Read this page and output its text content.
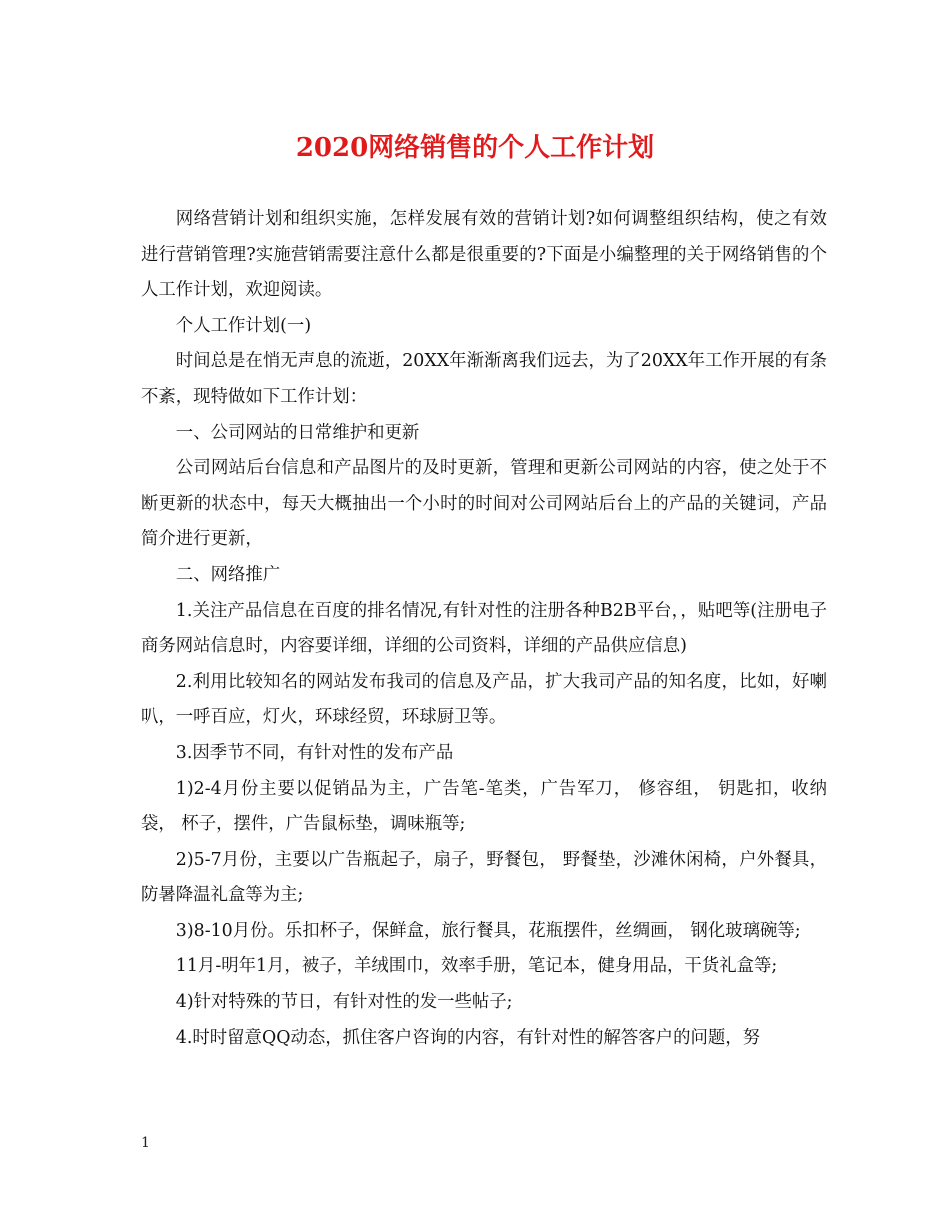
2020网络销售的个人工作计划

网络营销计划和组织实施，怎样发展有效的营销计划?如何调整组织结构，使之有效进行营销管理?实施营销需要注意什么都是很重要的?下面是小编整理的关于网络销售的个人工作计划，欢迎阅读。

个人工作计划(一)

时间总是在悄无声息的流逝，20XX年渐渐离我们远去，为了20XX年工作开展的有条不紊，现特做如下工作计划：

一、公司网站的日常维护和更新

公司网站后台信息和产品图片的及时更新，管理和更新公司网站的内容，使之处于不断更新的状态中，每天大概抽出一个小时的时间对公司网站后台上的产品的关键词，产品简介进行更新，

二、网络推广

1.关注产品信息在百度的排名情况,有针对性的注册各种B2B平台，，贴吧等(注册电子商务网站信息时，内容要详细，详细的公司资料，详细的产品供应信息)

2.利用比较知名的网站发布我司的信息及产品，扩大我司产品的知名度，比如，好喇叭，一呼百应，灯火，环球经贸，环球厨卫等。

3.因季节不同，有针对性的发布产品

1)2-4月份主要以促销品为主，广告笔-笔类，广告军刀， 修容组， 钥匙扣，收纳袋， 杯子，摆件，广告鼠标垫，调味瓶等;

2)5-7月份，主要以广告瓶起子，扇子，野餐包， 野餐垫，沙滩休闲椅，户外餐具，防暑降温礼盒等为主;

3)8-10月份。乐扣杯子，保鲜盒，旅行餐具，花瓶摆件，丝绸画， 钢化玻璃碗等;

11月-明年1月，被子，羊绒围巾，效率手册，笔记本，健身用品，干货礼盒等;

4)针对特殊的节日，有针对性的发一些帖子;

4.时时留意QQ动态，抓住客户咨询的内容，有针对性的解答客户的问题，努

1
